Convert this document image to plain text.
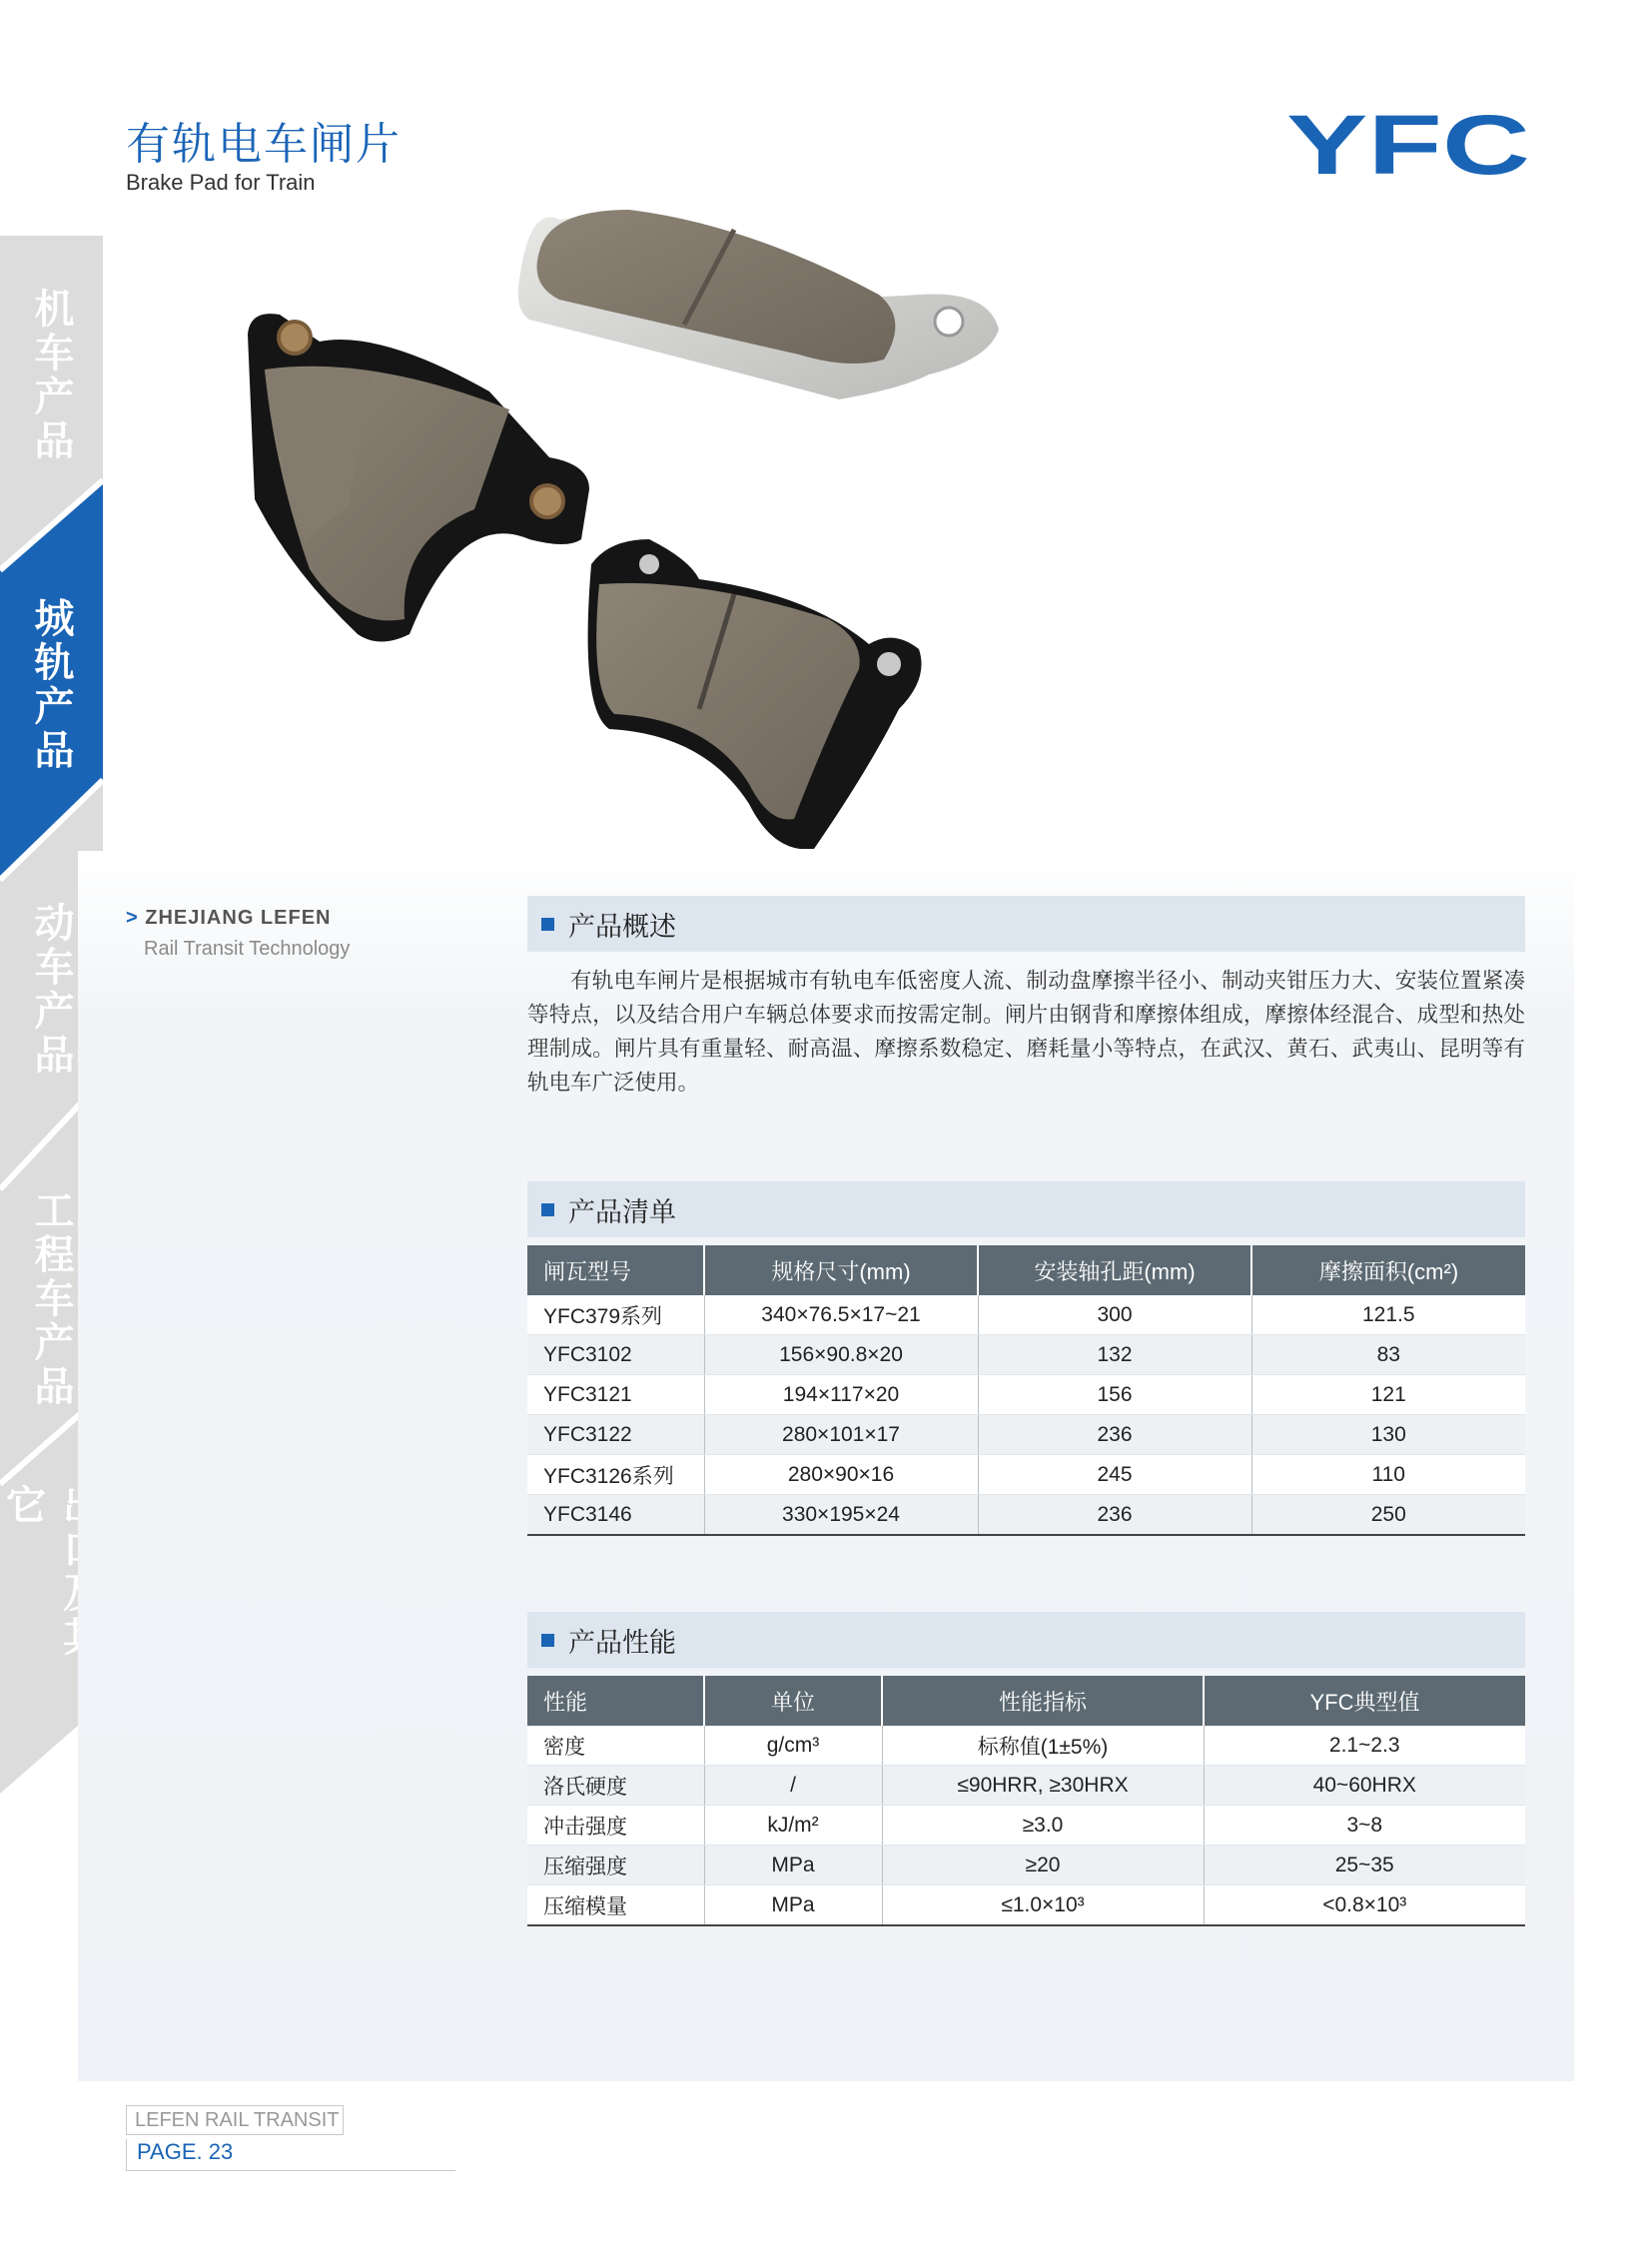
有轨电车闸片
Brake Pad for Train	YFC
机车产品
城轨产品
动车产品
工程车产品
它
> ZHEJIANG LEFEN
Rail Transit Technology
产品概述
有轨电车闸片是根据城市有轨电车低密度人流、制动盘摩擦半径小、制动夹钳压力大、安装位置紧凑等特点，以及结合用户车辆总体要求而按需定制。闸片由钢背和摩擦体组成，摩擦体经混合、成型和热处理制成。闸片具有重量轻、耐高温、摩擦系数稳定、磨耗量小等特点，在武汉、黄石、武夷山、昆明等有轨电车广泛使用。
产品清单
闸瓦型号	规格尺寸(mm)	安装轴孔距(mm)	摩擦面积(cm²)
YFC379系列	340×76.5×17~21	300	121.5
YFC3102	156×90.8×20	132	83
YFC3121	194×117×20	156	121
YFC3122	280×101×17	236	130
YFC3126系列	280×90×16	245	110
YFC3146	330×195×24	236	250
产品性能
性能	单位	性能指标	YFC典型值
密度	g/cm³	标称值(1±5%)	2.1~2.3
洛氏硬度	/	≤90HRR, ≥30HRX	40~60HRX
冲击强度	kJ/m²	≥3.0	3~8
压缩强度	MPa	≥20	25~35
压缩模量	MPa	≤1.0×10³	<0.8×10³
LEFEN RAIL TRANSIT
PAGE. 23
